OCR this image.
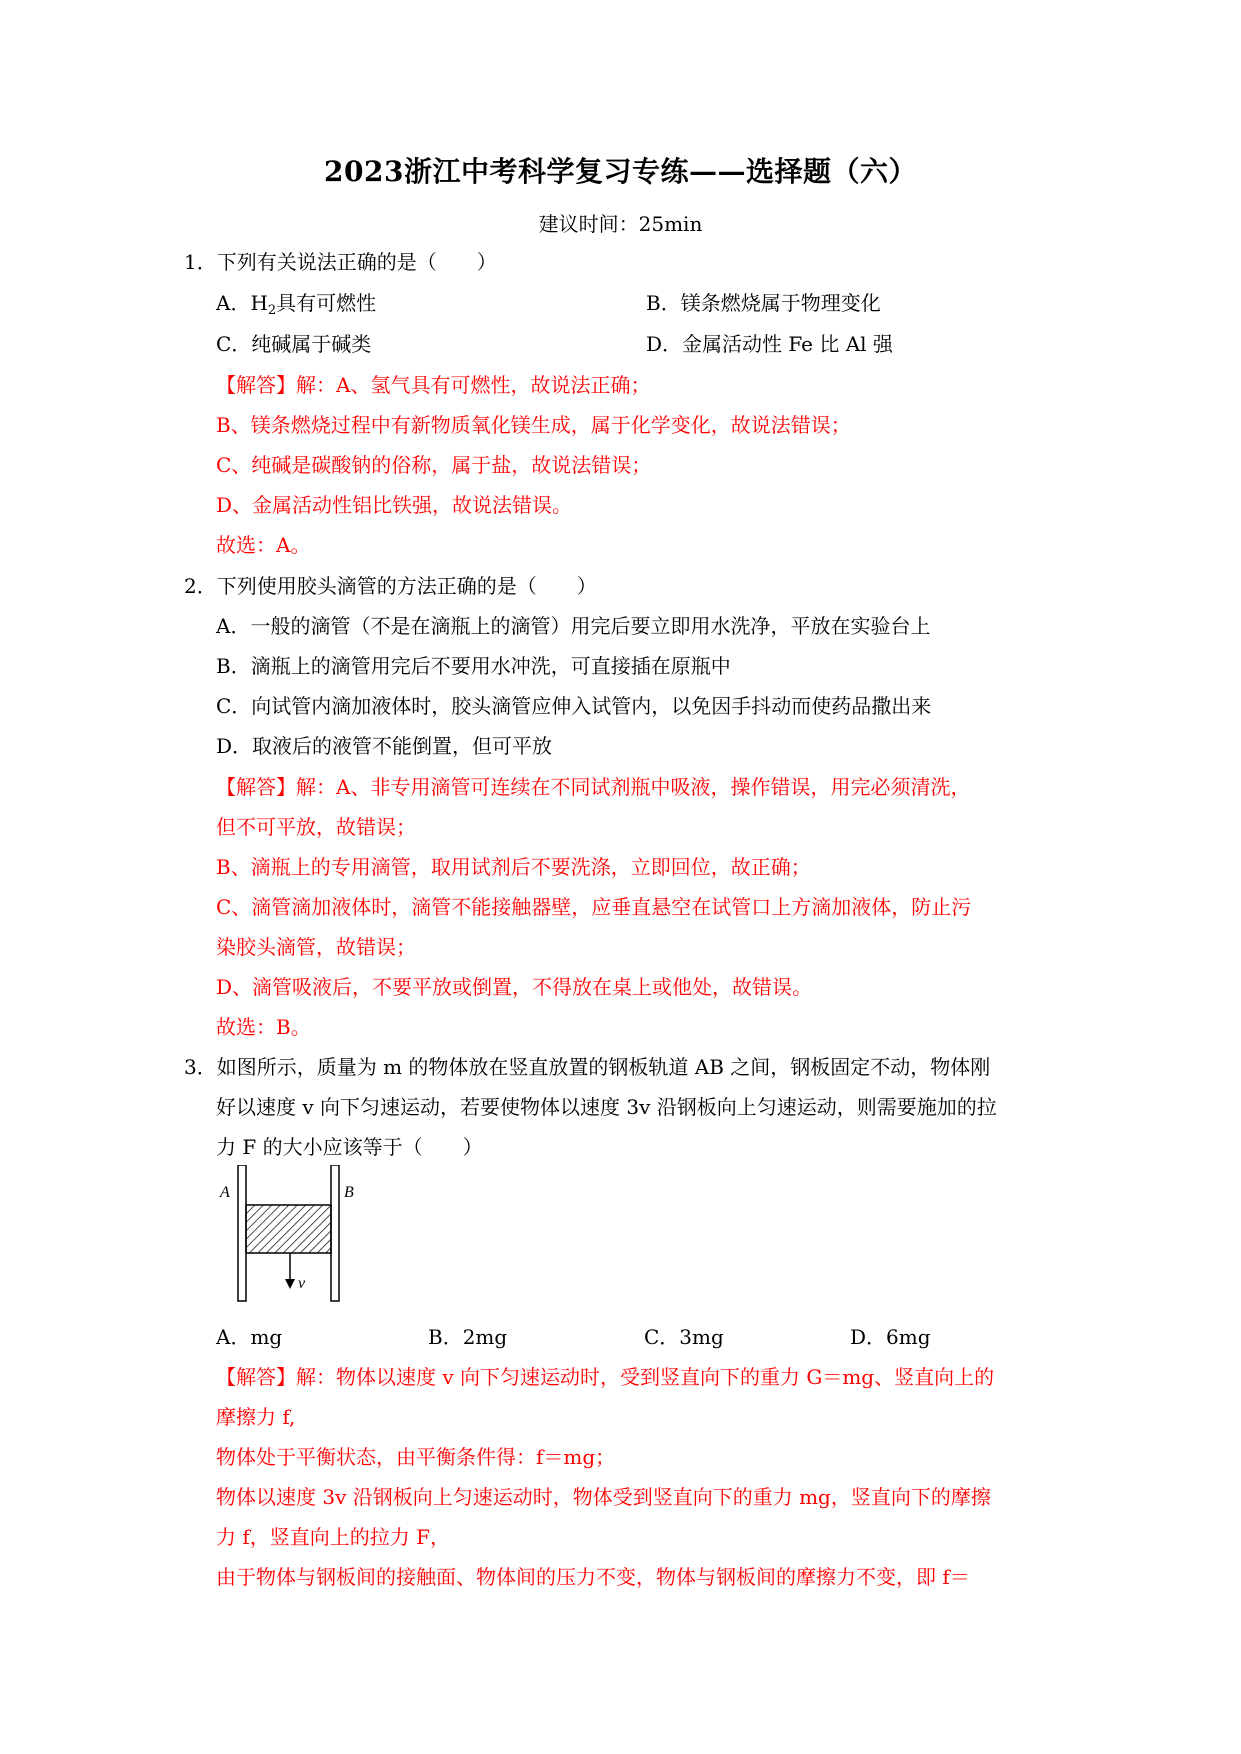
2023浙江中考科学复习专练——选择题（六）
建议时间：25min
1．下列有关说法正确的是（　　）
A．$H_2$具有可燃性	B．镁条燃烧属于物理变化
C．纯碱属于碱类	D．金属活动性 Fe 比 Al 强
【解答】解：A、氢气具有可燃性，故说法正确；
B、镁条燃烧过程中有新物质氧化镁生成，属于化学变化，故说法错误；
C、纯碱是碳酸钠的俗称，属于盐，故说法错误；
D、金属活动性铝比铁强，故说法错误。
故选：A。
2．下列使用胶头滴管的方法正确的是（　　）
A．一般的滴管（不是在滴瓶上的滴管）用完后要立即用水洗净，平放在实验台上
B．滴瓶上的滴管用完后不要用水冲洗，可直接插在原瓶中
C．向试管内滴加液体时，胶头滴管应伸入试管内，以免因手抖动而使药品撒出来
D．取液后的液管不能倒置，但可平放
【解答】解：A、非专用滴管可连续在不同试剂瓶中吸液，操作错误，用完必须清洗，
但不可平放，故错误；
B、滴瓶上的专用滴管，取用试剂后不要洗涤，立即回位，故正确；
C、滴管滴加液体时，滴管不能接触器壁，应垂直悬空在试管口上方滴加液体，防止污
染胶头滴管，故错误；
D、滴管吸液后，不要平放或倒置，不得放在桌上或他处，故错误。
故选：B。
3．如图所示，质量为 m 的物体放在竖直放置的钢板轨道 AB 之间，钢板固定不动，物体刚
好以速度 v 向下匀速运动，若要使物体以速度 3v 沿钢板向上匀速运动，则需要施加的拉
力 F 的大小应该等于（　　）
A	B
v
A．mg	B．2mg	C．3mg	D．6mg
【解答】解：物体以速度 v 向下匀速运动时，受到竖直向下的重力 G＝mg、竖直向上的
摩擦力 f,
物体处于平衡状态，由平衡条件得：f＝mg；
物体以速度 3v 沿钢板向上匀速运动时，物体受到竖直向下的重力 mg，竖直向下的摩擦
力 f，竖直向上的拉力 F，
由于物体与钢板间的接触面、物体间的压力不变，物体与钢板间的摩擦力不变，即 f＝
